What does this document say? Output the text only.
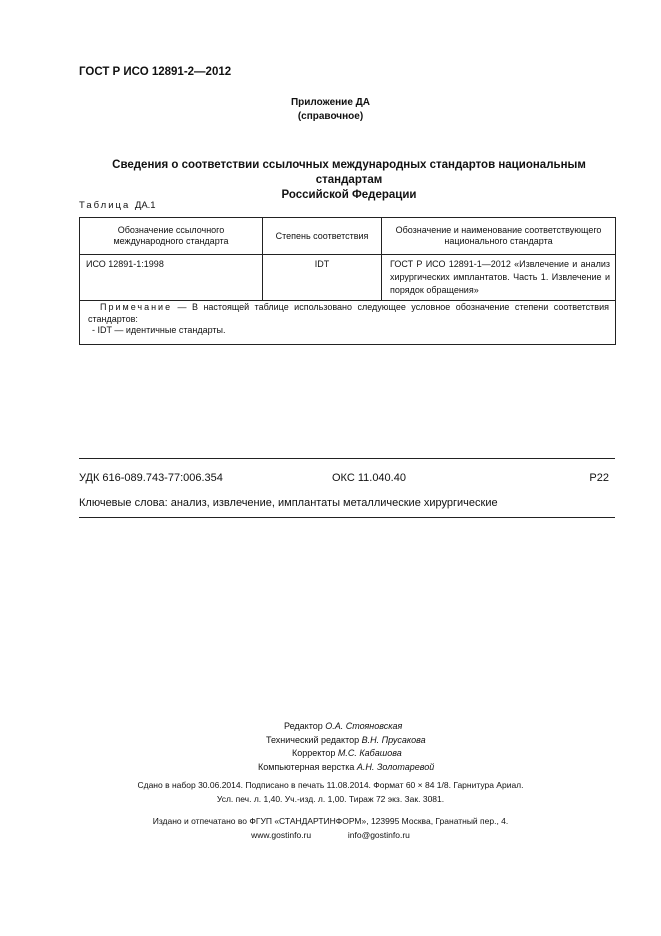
ГОСТ Р ИСО 12891-2—2012
Приложение ДА
(справочное)
Сведения о соответствии ссылочных международных стандартов национальным стандартам
Российской Федерации
Таблица ДА.1
Обозначение ссылочного международного стандарта	Степень соответствия	Обозначение и наименование соответствующего национального стандарта
ИСО 12891-1:1998	IDT	ГОСТ Р ИСО 12891-1—2012 «Извлечение и анализ хирургических имплантатов. Часть 1. Извлечение и порядок обращения»

Примечание — В настоящей таблице использовано следующее условное обозначение степени соответствия стандартов:
- IDT — идентичные стандарты.		
УДК 616-089.743-77:006.354	ОКС 11.040.40	Р22
Ключевые слова: анализ, извлечение, имплантаты металлические хирургические
Редактор О.А. Стояновская
Технический редактор В.Н. Прусакова
Корректор М.С. Кабашова
Компьютерная верстка А.Н. Золотаревой
Сдано в набор 30.06.2014. Подписано в печать 11.08.2014. Формат 60 × 84 1/8. Гарнитура Ариал.
Усл. печ. л. 1,40. Уч.-изд. л. 1,00. Тираж 72 экз. Зак. 3081.
Издано и отпечатано во ФГУП «СТАНДАРТИНФОРМ», 123995 Москва, Гранатный пер., 4.
www.gostinfo.ru	info@gostinfo.ru
